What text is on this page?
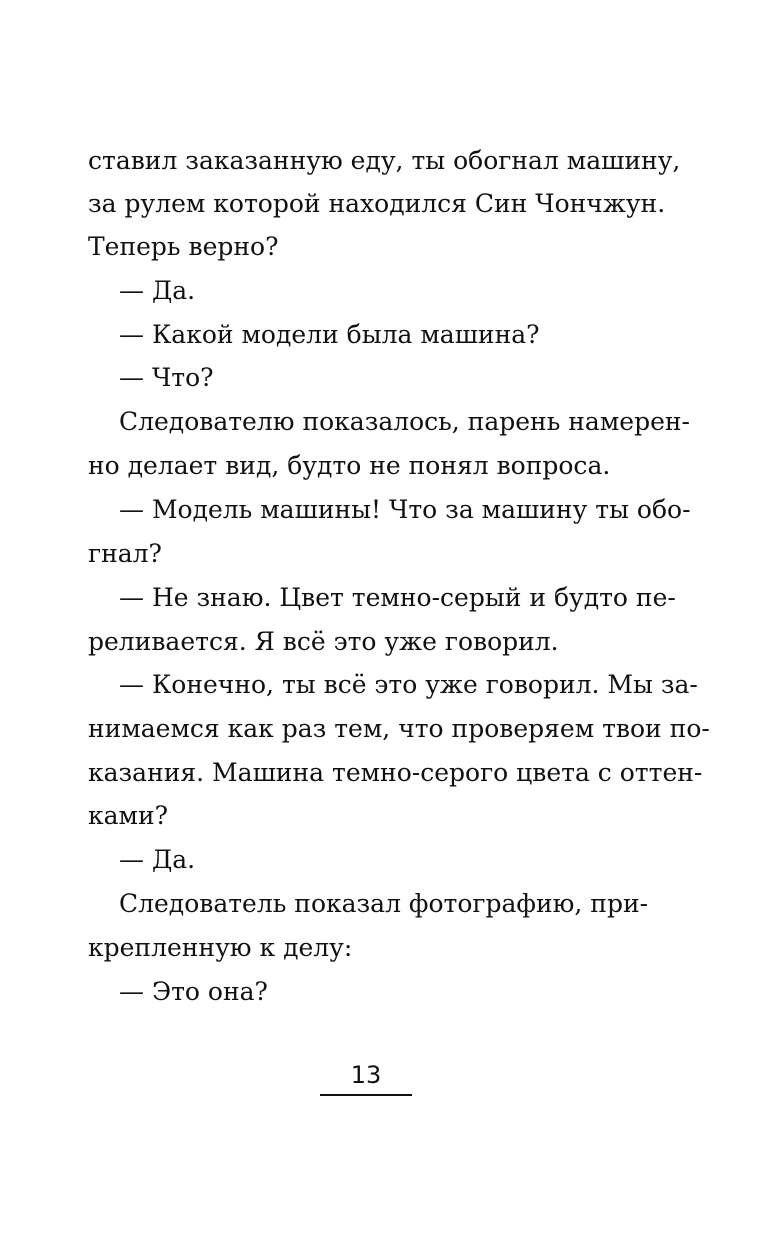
ставил заказанную еду, ты обогнал машину,
за рулем которой находился Син Чончжун.
Теперь верно?
— Да.
— Какой модели была машина?
— Что?
Следователю показалось, парень намерен-
но делает вид, будто не понял вопроса.
— Модель машины! Что за машину ты обо-
гнал?
— Не знаю. Цвет темно-серый и будто пе-
реливается. Я всё это уже говорил.
— Конечно, ты всё это уже говорил. Мы за-
нимаемся как раз тем, что проверяем твои по-
казания. Машина темно-серого цвета с оттен-
ками?
— Да.
Следователь показал фотографию, при-
крепленную к делу:
— Это она?
13
